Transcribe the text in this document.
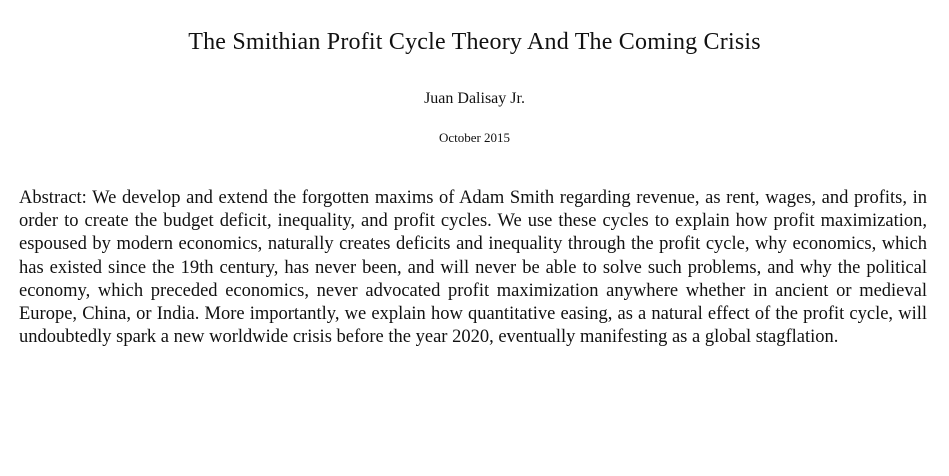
The Smithian Profit Cycle Theory And The Coming Crisis
Juan Dalisay Jr.
October 2015

Abstract: We develop and extend the forgotten maxims of Adam Smith regarding revenue, as rent, wages, and profits, in order to create the budget deficit, inequality, and profit cycles. We use these cycles to explain how profit maximization, espoused by modern economics, naturally creates deficits and inequality through the profit cycle, why economics, which has existed since the 19th century, has never been, and will never be able to solve such problems, and why the political economy, which preceded economics, never advocated profit maximization anywhere whether in ancient or medieval Europe, China, or India. More importantly, we explain how quantitative easing, as a natural effect of the profit cycle, will undoubtedly spark a new worldwide crisis before the year 2020, eventually manifesting as a global stagflation.
